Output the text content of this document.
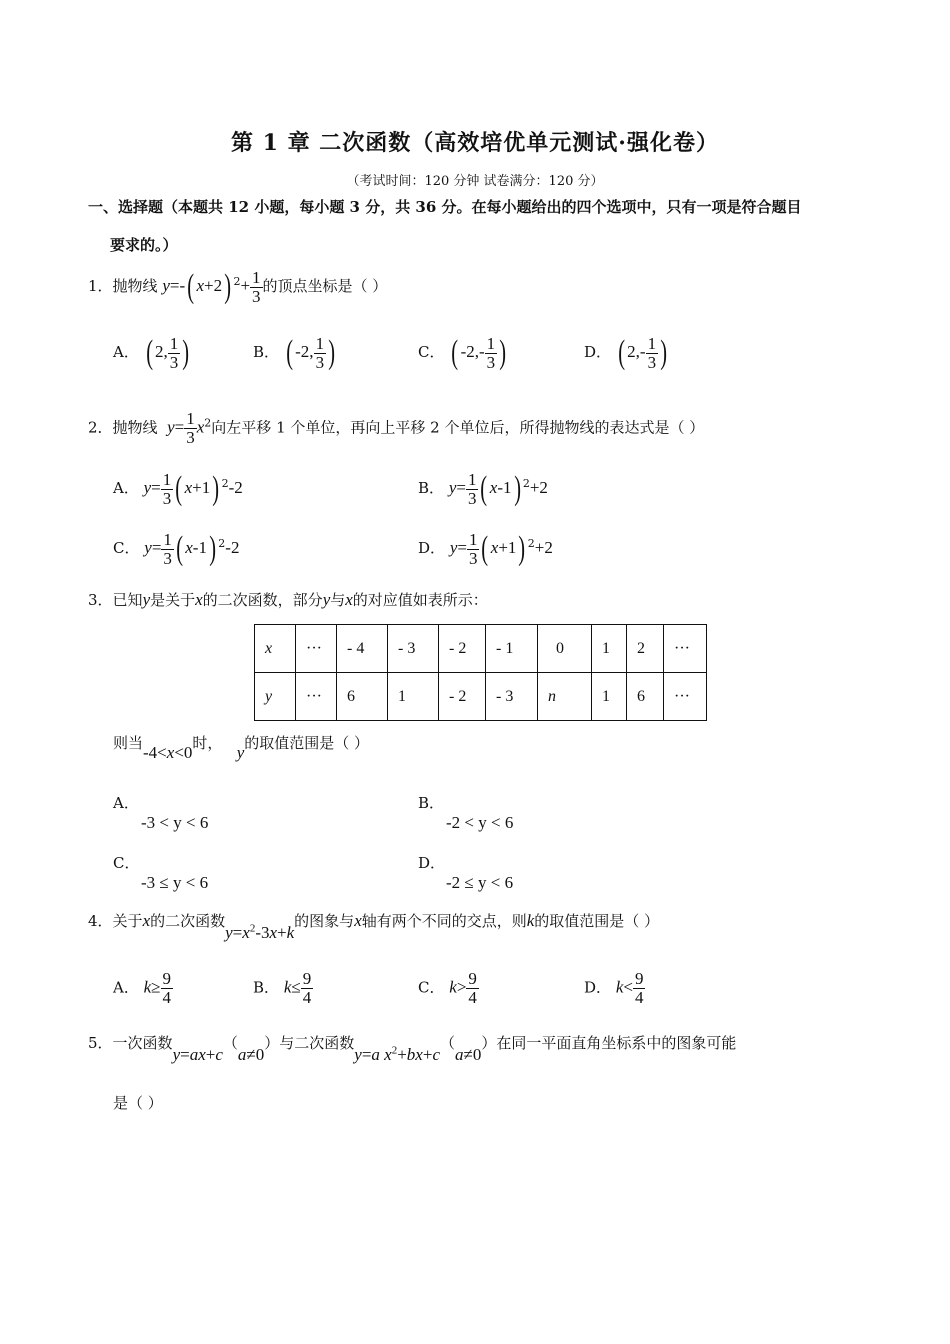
第 1 章 二次函数（高效培优单元测试·强化卷）
（考试时间：120 分钟 试卷满分：120 分）
一、选择题（本题共 12 小题，每小题 3 分，共 36 分。在每小题给出的四个选项中，只有一项是符合题目
要求的。）
1．抛物线 y=-( x+2) $^2+ \frac{1}{3}$ 的顶点坐标是（ ）
A． ( 2, $\frac{1}{3}$ )	B． ( -2, $\frac{1}{3}$ )	C． ( $-2,- \frac{1}{3}$ )	D． ( $2,- \frac{1}{3}$ )
2．抛物线 $y= \frac{1}{3} x^2$向左平移 1 个单位，再向上平移 2 个单位后，所得抛物线的表达式是（ ）
A． $y= \frac{1}{3}$ ( x+1) $^2$-2	B． $y= \frac{1}{3}$ ( x-1) $^2$+2
C． $y= \frac{1}{3}$ ( x-1) $^2$-2	D． $y= \frac{1}{3}$ ( x+1) $^2$+2
3．已知y是关于x的二次函数，部分y与x的对应值如表所示：
x	···	- 4	- 3	- 2	- 1	0	1	2	···
y	···	6	1	- 2	- 3	n	1	6	···
则当-4<x<0时， y的取值范围是（ ）
A．
-3 < y < 6
B．
-2 < y < 6
C．
-3 ≤ y < 6
D．
-2 ≤ y < 6
4．关于x的二次函数$y=x^2-3x+k$的图象与x轴有两个不同的交点，则k的取值范围是（ ）
A． $k\ge \frac{9}{4}$	B． $k\le \frac{9}{4}$	C． $k> \frac{9}{4}$	D． $k< \frac{9}{4}$
5．一次函数y=ax+c（a≠0）与二次函数y=a $x^2+bx+c(a\ne 0)$在同一平面直角坐标系中的图象可能
是（ ）
